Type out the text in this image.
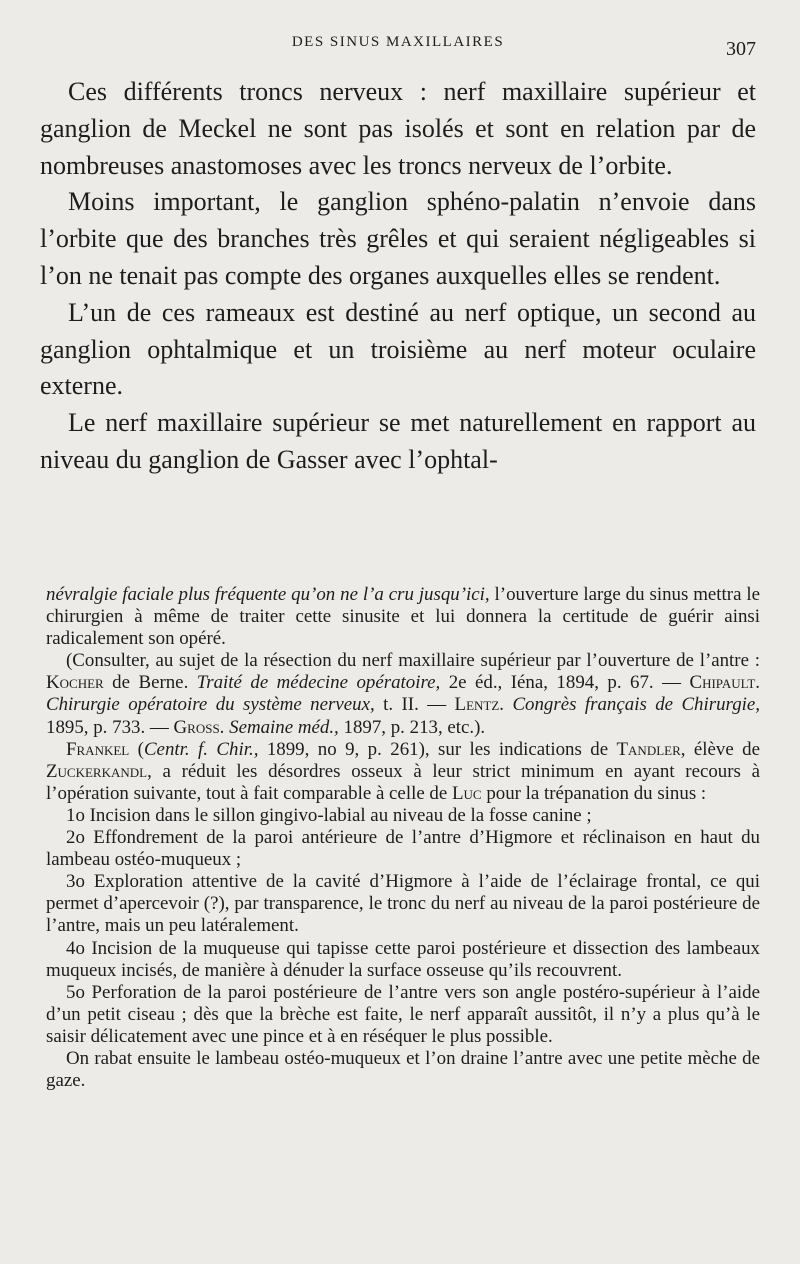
DES SINUS MAXILLAIRES	307

Ces différents troncs nerveux : nerf maxillaire supérieur et ganglion de Meckel ne sont pas isolés et sont en relation par de nombreuses anastomoses avec les troncs nerveux de l’orbite.

Moins important, le ganglion sphéno-palatin n’envoie dans l’orbite que des branches très grêles et qui seraient négligeables si l’on ne tenait pas compte des organes auxquelles elles se rendent.

L’un de ces rameaux est destiné au nerf optique, un second au ganglion ophtalmique et un troisième au nerf moteur oculaire externe.

Le nerf maxillaire supérieur se met naturellement en rapport au niveau du ganglion de Gasser avec l’ophtal-

névralgie faciale plus fréquente qu’on ne l’a cru jusqu’ici, l’ouverture large du sinus mettra le chirurgien à même de traiter cette sinusite et lui donnera la certitude de guérir ainsi radicalement son opéré.

(Consulter, au sujet de la résection du nerf maxillaire supérieur par l’ouverture de l’antre : Kocher de Berne. Traité de médecine opératoire, 2e éd., Iéna, 1894, p. 67. — Chipault. Chirurgie opératoire du système nerveux, t. II. — Lentz. Congrès français de Chirurgie, 1895, p. 733. — Gross. Semaine méd., 1897, p. 213, etc.).

Frankel (Centr. f. Chir., 1899, no 9, p. 261), sur les indications de Tandler, élève de Zuckerkandl, a réduit les désordres osseux à leur strict minimum en ayant recours à l’opération suivante, tout à fait comparable à celle de Luc pour la trépanation du sinus :

1o Incision dans le sillon gingivo-labial au niveau de la fosse canine ;

2o Effondrement de la paroi antérieure de l’antre d’Higmore et réclinaison en haut du lambeau ostéo-muqueux ;

3o Exploration attentive de la cavité d’Higmore à l’aide de l’éclairage frontal, ce qui permet d’apercevoir (?), par transparence, le tronc du nerf au niveau de la paroi postérieure de l’antre, mais un peu latéralement.

4o Incision de la muqueuse qui tapisse cette paroi postérieure et dissection des lambeaux muqueux incisés, de manière à dénuder la surface osseuse qu’ils recouvrent.

5o Perforation de la paroi postérieure de l’antre vers son angle postéro-supérieur à l’aide d’un petit ciseau ; dès que la brèche est faite, le nerf apparaît aussitôt, il n’y a plus qu’à le saisir délicatement avec une pince et à en réséquer le plus possible.

On rabat ensuite le lambeau ostéo-muqueux et l’on draine l’antre avec une petite mèche de gaze.
